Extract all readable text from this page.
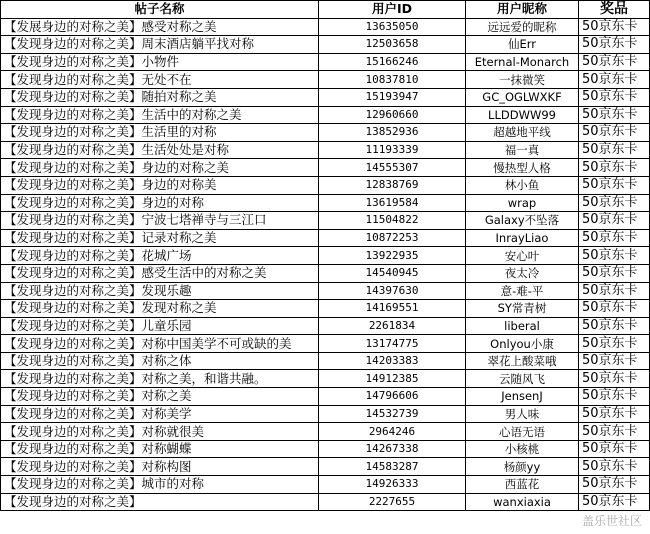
帖子名称	用户ID	用户昵称	奖品
【发展身边的对称之美】感受对称之美	13635050	远远爱的昵称	50京东卡
【发现身边的对称之美】周末酒店躺平找对称	12503658	仙Err	50京东卡
【发现身边的对称之美】小物件	15166246	Eternal-Monarch	50京东卡
【发现身边的对称之美】无处不在	10837810	一抹微笑	50京东卡
【发现身边的对称之美】随拍对称之美	15193947	GC_OGLWXKF	50京东卡
【发现身边的对称之美】生活中的对称之美	12960660	LLDDWW99	50京东卡
【发现身边的对称之美】生活里的对称	13852936	超越地平线	50京东卡
【发现身边的对称之美】生活处处是对称	11193339	福一真	50京东卡
【发现身边的对称之美】身边的对称之美	14555307	慢热型人格	50京东卡
【发现身边的对称之美】身边的对称美	12838769	林小鱼	50京东卡
【发现身边的对称之美】身边的对称	13619584	wrap	50京东卡
【发现身边的对称之美】宁波七塔禅寺与三江口	11504822	Galaxy不坠落	50京东卡
【发现身边的对称之美】记录对称之美	10872253	InrayLiao	50京东卡
【发现身边的对称之美】花城广场	13922935	安心叶	50京东卡
【发现身边的对称之美】感受生活中的对称之美	14540945	夜太冷	50京东卡
【发现身边的对称之美】发现乐趣	14397630	意-难-平	50京东卡
【发现身边的对称之美】发现对称之美	14169551	SY常青树	50京东卡
【发现身边的对称之美】儿童乐园	2261834	liberal	50京东卡
【发现身边的对称之美】对称中国美学不可或缺的美	13174775	Onlyou小康	50京东卡
【发现身边的对称之美】对称之体	14203383	翠花上酸菜哦	50京东卡
【发现身边的对称之美】对称之美，和谐共融。	14912385	云随风飞	50京东卡
【发现身边的对称之美】对称之美	14796606	JensenJ	50京东卡
【发现身边的对称之美】对称美学	14532739	男人味	50京东卡
【发现身边的对称之美】对称就很美	2964246	心语无语	50京东卡
【发现身边的对称之美】对称蝴蝶	14267338	小核桃	50京东卡
【发现身边的对称之美】对称构图	14583287	杨颜yy	50京东卡
【发现身边的对称之美】城市的对称	14926333	西蓝花	50京东卡
【发现身边的对称之美】	2227655	wanxiaxia	50京东卡
盖乐世社区
